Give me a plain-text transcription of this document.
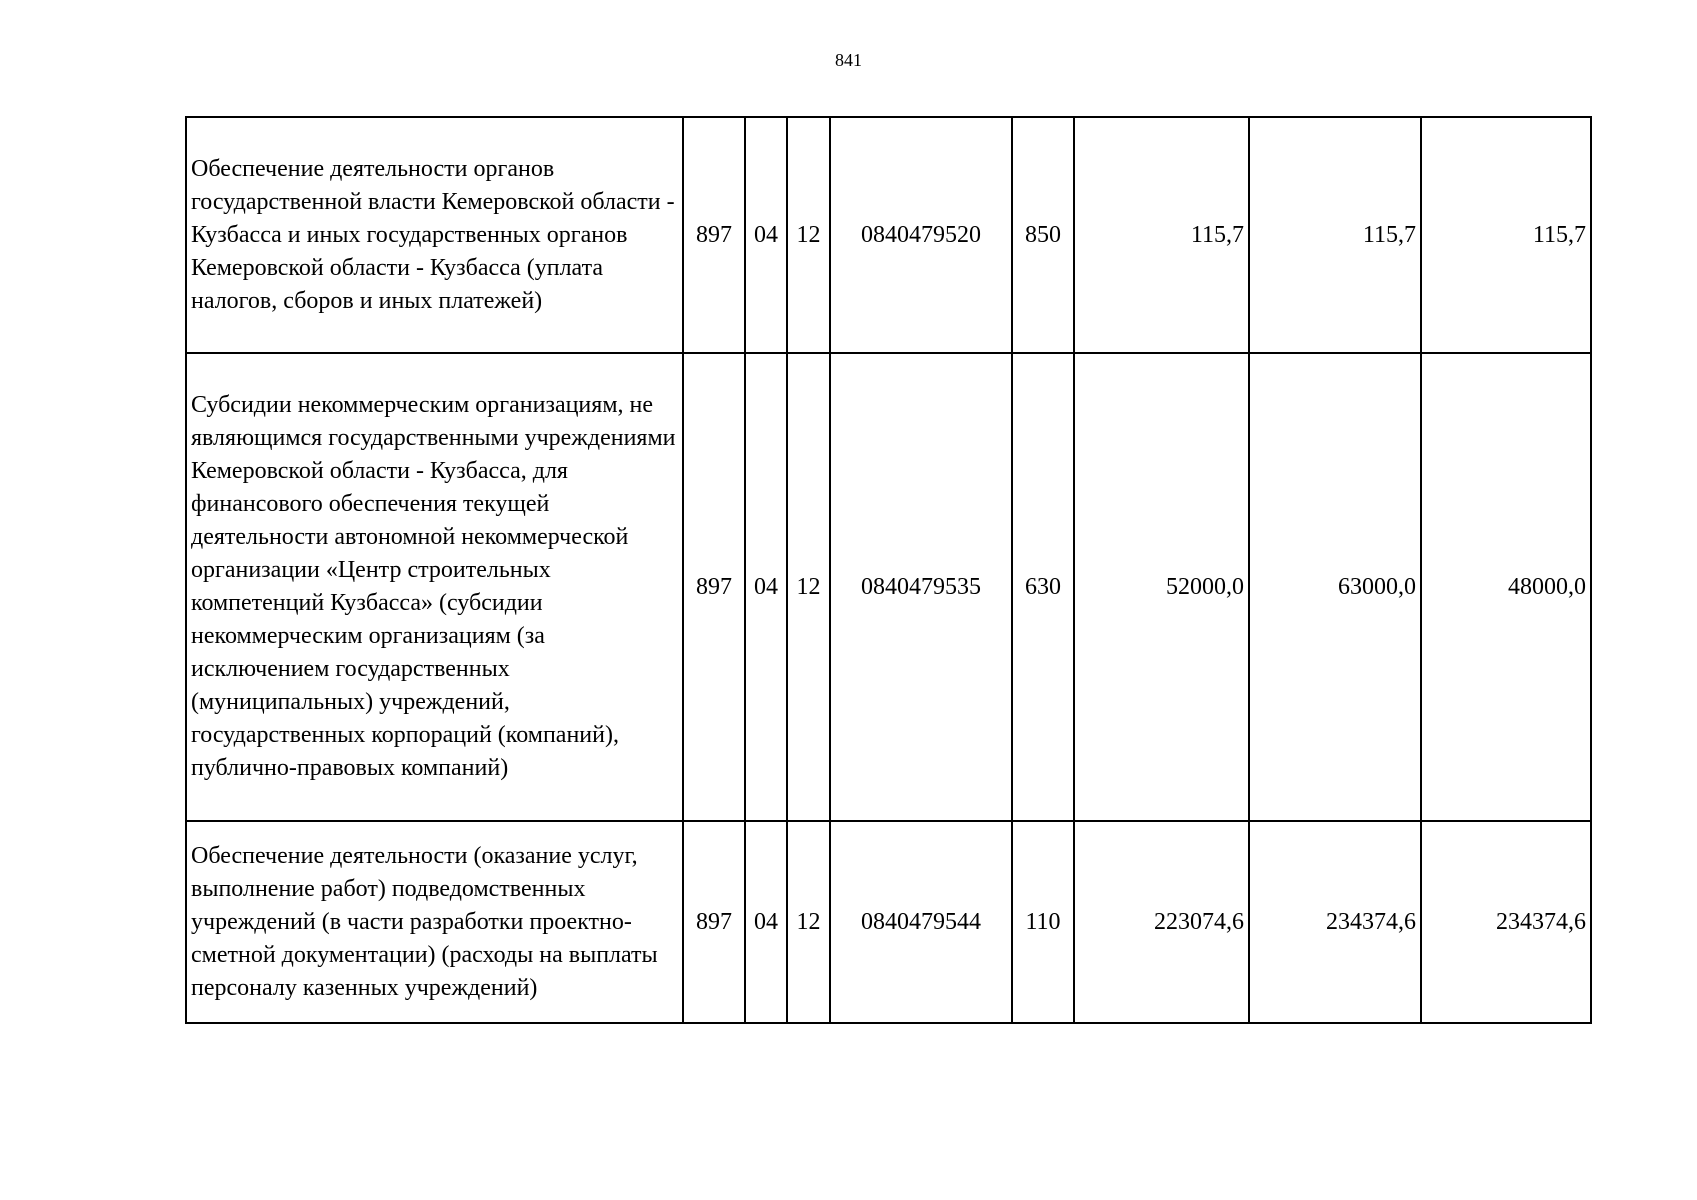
841
Обеспечение деятельности органов государственной власти Кемеровской области - Кузбасса и иных государственных органов Кемеровской области - Кузбасса (уплата налогов, сборов и иных платежей)	897	04	12	0840479520	850	115,7	115,7	115,7
Субсидии некоммерческим организациям, не являющимся государственными учреждениями Кемеровской области - Кузбасса, для финансового обеспечения текущей деятельности автономной некоммерческой организации «Центр строительных компетенций Кузбасса» (субсидии некоммерческим организациям (за исключением государственных (муниципальных) учреждений, государственных корпораций (компаний), публично-правовых компаний)	897	04	12	0840479535	630	52000,0	63000,0	48000,0
Обеспечение деятельности (оказание услуг, выполнение работ) подведомственных учреждений (в части разработки проектно-сметной документации) (расходы на выплаты персоналу казенных учреждений)	897	04	12	0840479544	110	223074,6	234374,6	234374,6
